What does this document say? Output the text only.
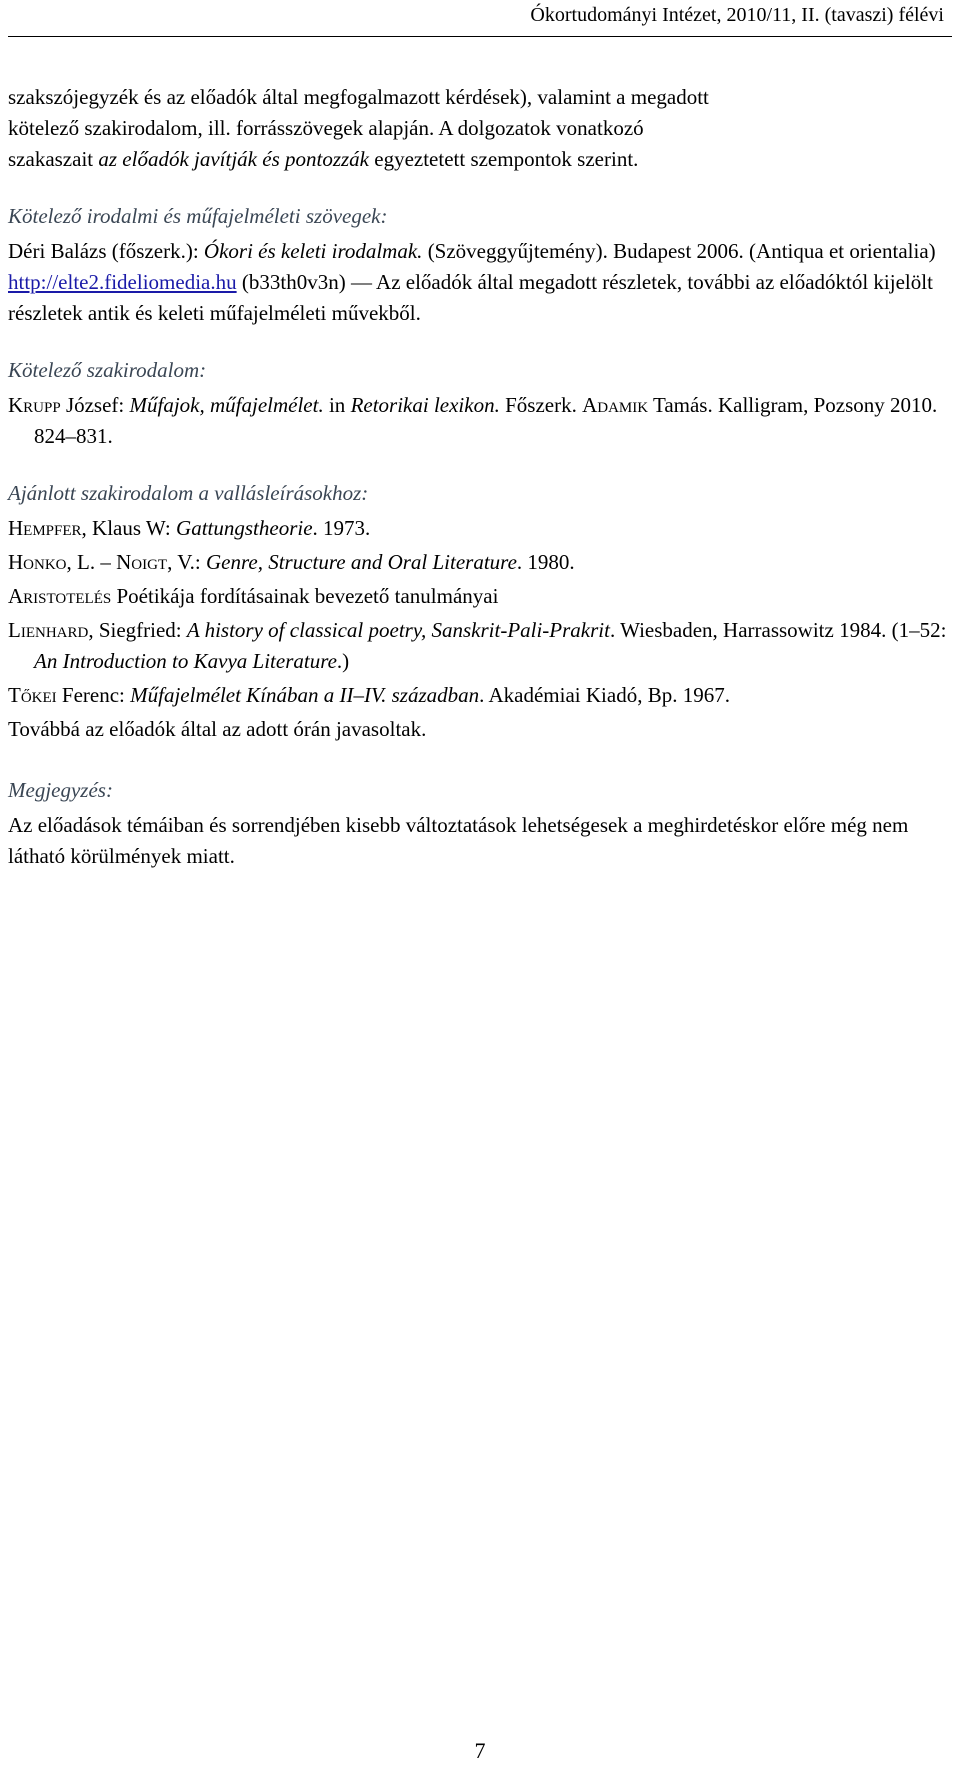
Ókortudományi Intézet, 2010/11, II. (tavaszi) félévi

szakszójegyzék és az előadók által megfogalmazott kérdések), valamint a megadott
kötelező szakirodalom, ill. forrásszövegek alapján. A dolgozatok vonatkozó
szakaszait az előadók javítják és pontozzák egyeztetett szempontok szerint.

Kötelező irodalmi és műfajelméleti szövegek:

Déri Balázs (főszerk.): Ókori és keleti irodalmak. (Szöveggyűjtemény). Budapest 2006. (Antiqua et orientalia) http://elte2.fideliomedia.hu (b33th0v3n) — Az előadók által megadott részletek, további az előadóktól kijelölt részletek antik és keleti műfajelméleti művekből.

Kötelező szakirodalom:

Krupp József: Műfajok, műfajelmélet. in Retorikai lexikon. Főszerk. Adamik Tamás. Kalligram, Pozsony 2010. 824–831.

Ajánlott szakirodalom a vallásleírásokhoz:

Hempfer, Klaus W: Gattungstheorie. 1973.

Honko, L. – Noigt, V.: Genre, Structure and Oral Literature. 1980.

Aristotelés Poétikája fordításainak bevezető tanulmányai

Lienhard, Siegfried: A history of classical poetry, Sanskrit-Pali-Prakrit. Wiesbaden, Harrassowitz 1984. (1–52: An Introduction to Kavya Literature.)

Tőkei Ferenc: Műfajelmélet Kínában a II–IV. században. Akadémiai Kiadó, Bp. 1967.

Továbbá az előadók által az adott órán javasoltak.

Megjegyzés:

Az előadások témáiban és sorrendjében kisebb változtatások lehetségesek a meghirdetéskor előre még nem látható körülmények miatt.

7
